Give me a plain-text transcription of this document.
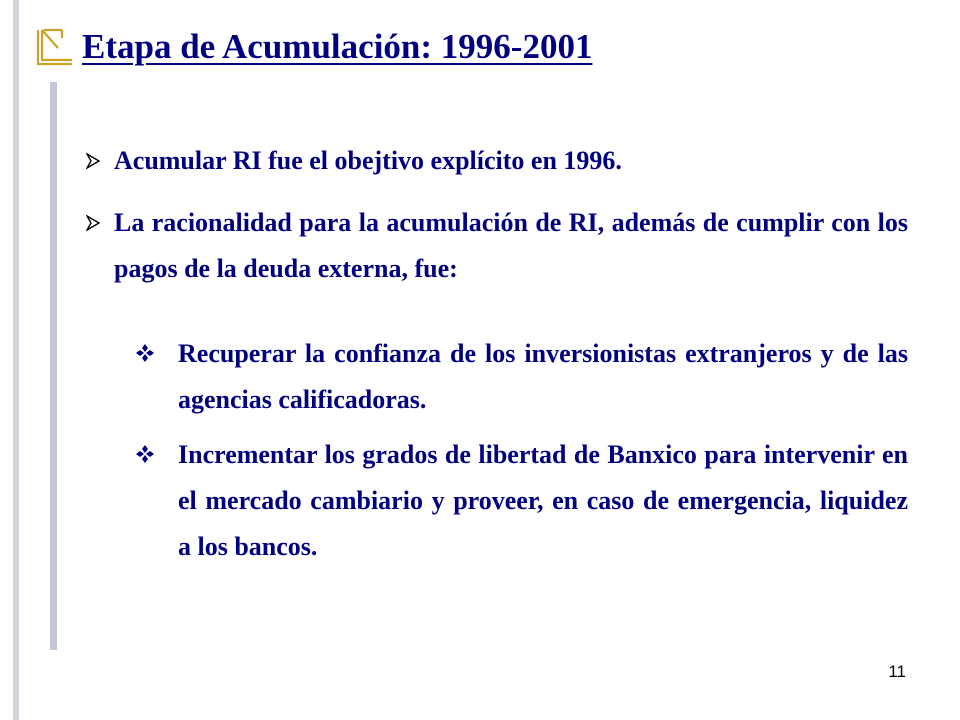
Etapa de Acumulación: 1996-2001
Acumular RI fue el obejtivo explícito en 1996.
La racionalidad para la acumulación de RI, además de cumplir con los pagos de la deuda externa, fue:
Recuperar la confianza de los inversionistas extranjeros y de las agencias calificadoras.
Incrementar los grados de libertad de Banxico para intervenir en el mercado cambiario y proveer, en caso de emergencia, liquidez a los bancos.
11
